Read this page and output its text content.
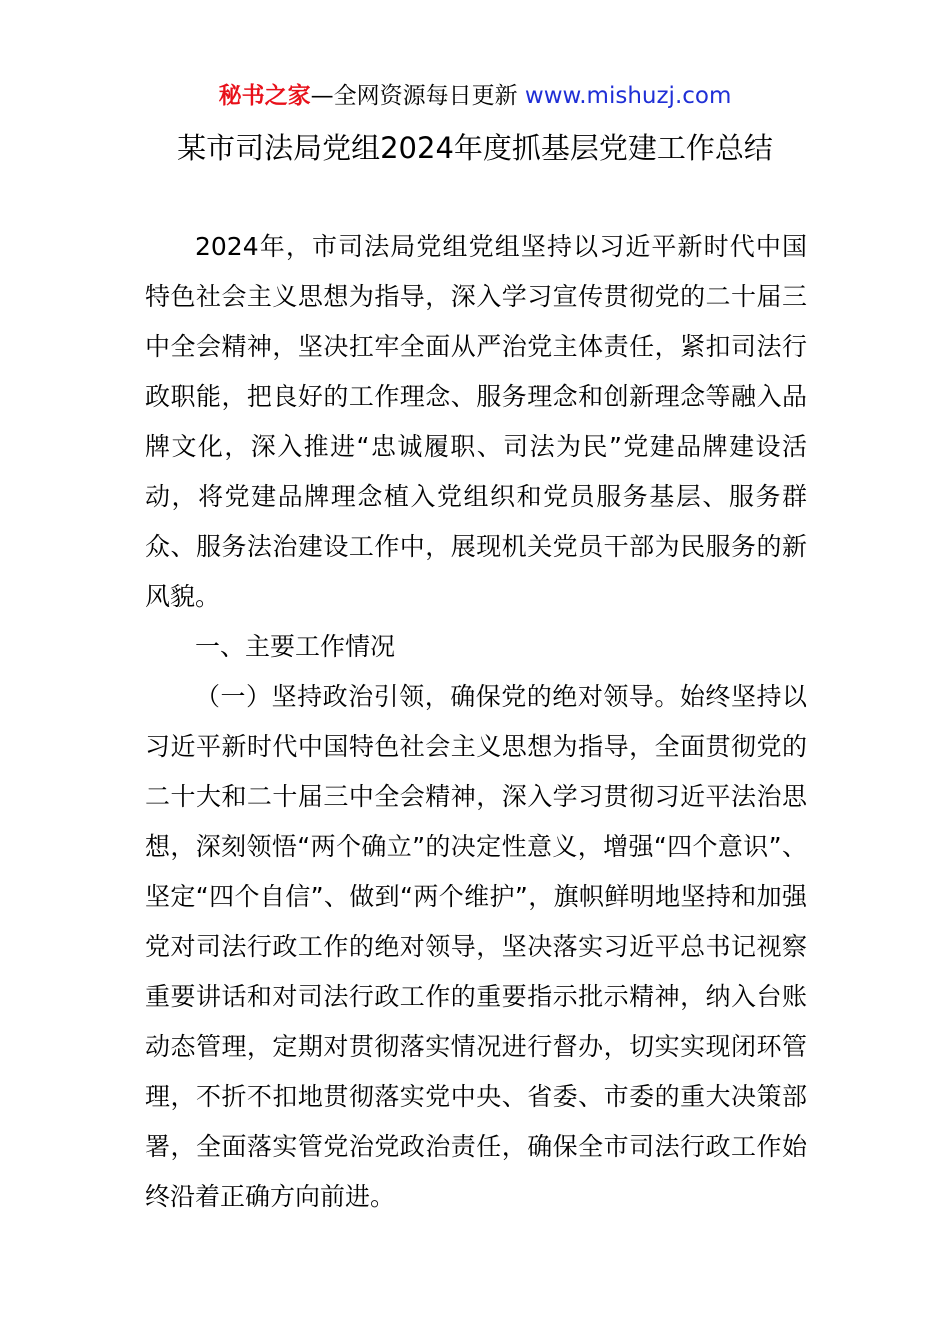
秘书之家—全网资源每日更新 www.mishuzj.com
某市司法局党组2024年度抓基层党建工作总结

2024年，市司法局党组党组坚持以习近平新时代中国特色社会主义思想为指导，深入学习宣传贯彻党的二十届三中全会精神，坚决扛牢全面从严治党主体责任，紧扣司法行政职能，把良好的工作理念、服务理念和创新理念等融入品牌文化，深入推进“忠诚履职、司法为民”党建品牌建设活动，将党建品牌理念植入党组织和党员服务基层、服务群众、服务法治建设工作中，展现机关党员干部为民服务的新风貌。

一、主要工作情况

（一）坚持政治引领，确保党的绝对领导。始终坚持以习近平新时代中国特色社会主义思想为指导，全面贯彻党的二十大和二十届三中全会精神，深入学习贯彻习近平法治思想，深刻领悟“两个确立”的决定性意义，增强“四个意识”、坚定“四个自信”、做到“两个维护”，旗帜鲜明地坚持和加强党对司法行政工作的绝对领导，坚决落实习近平总书记视察重要讲话和对司法行政工作的重要指示批示精神，纳入台账动态管理，定期对贯彻落实情况进行督办，切实实现闭环管理，不折不扣地贯彻落实党中央、省委、市委的重大决策部署，全面落实管党治党政治责任，确保全市司法行政工作始终沿着正确方向前进。
